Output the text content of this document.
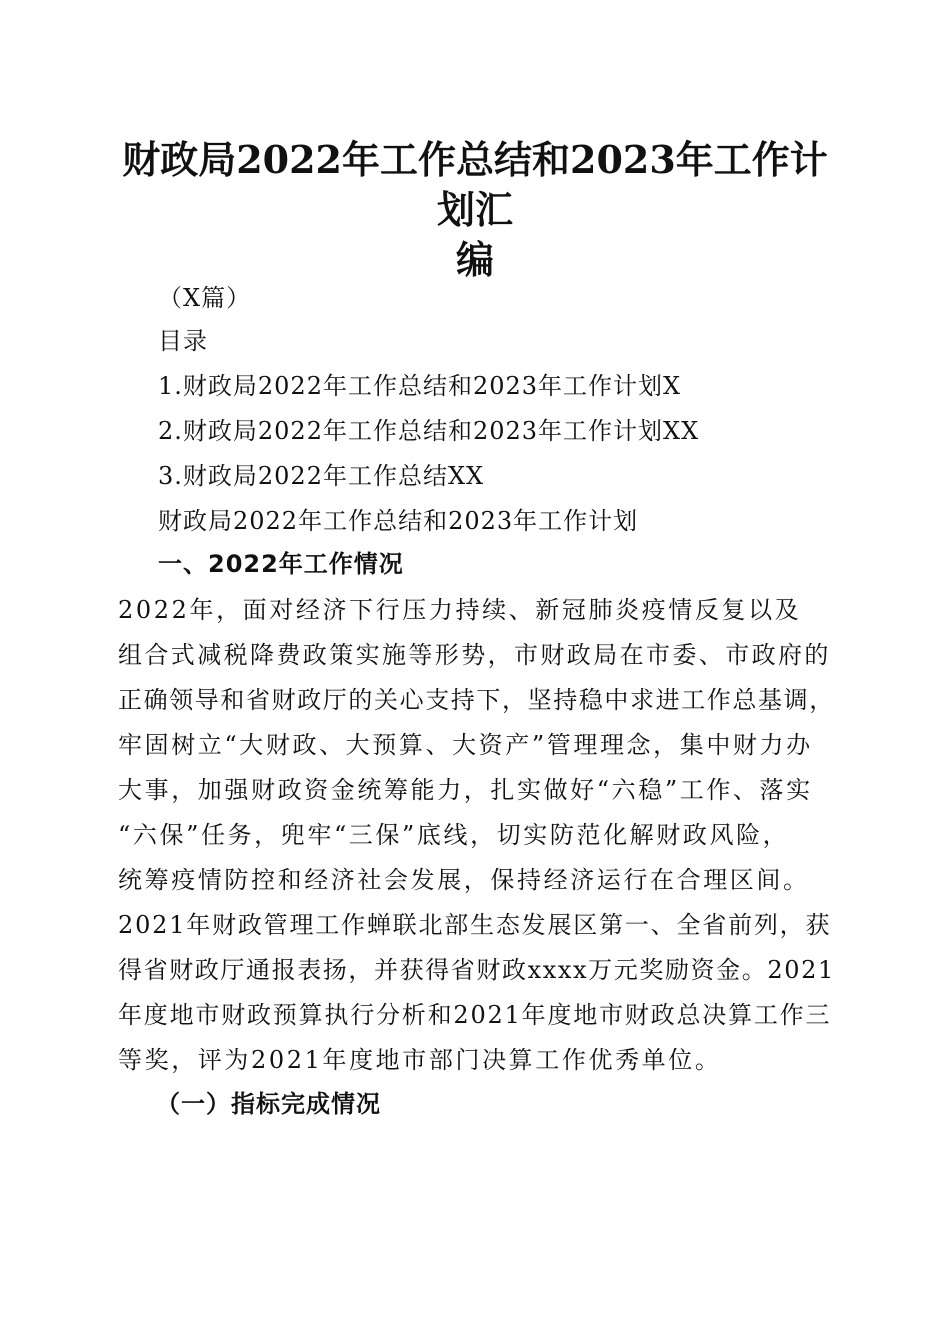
财政局2022年工作总结和2023年工作计划汇
编
（X篇）
目录
1.财政局2022年工作总结和2023年工作计划X
2.财政局2022年工作总结和2023年工作计划XX
3.财政局2022年工作总结XX
财政局2022年工作总结和2023年工作计划
一、2022年工作情况
2022年，面对经济下行压力持续、新冠肺炎疫情反复以及
组合式减税降费政策实施等形势，市财政局在市委、市政府的
正确领导和省财政厅的关心支持下，坚持稳中求进工作总基调，
牢固树立“大财政、大预算、大资产”管理理念，集中财力办
大事，加强财政资金统筹能力，扎实做好“六稳”工作、落实
“六保”任务，兜牢“三保”底线，切实防范化解财政风险，
统筹疫情防控和经济社会发展，保持经济运行在合理区间。
2021年财政管理工作蝉联北部生态发展区第一、全省前列，获
得省财政厅通报表扬，并获得省财政xxxx万元奖励资金。2021
年度地市财政预算执行分析和2021年度地市财政总决算工作三
等奖，评为2021年度地市部门决算工作优秀单位。
（一）指标完成情况
